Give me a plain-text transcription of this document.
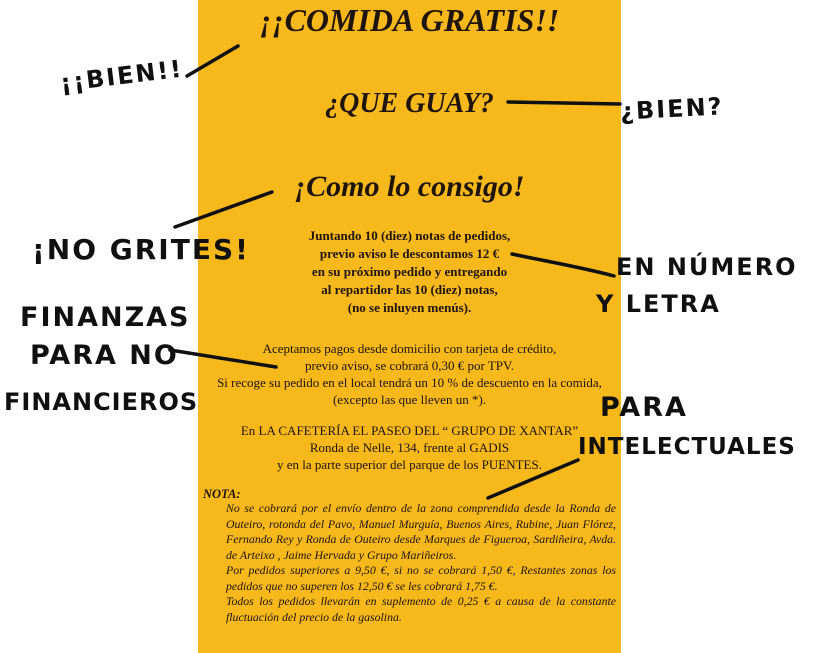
¡¡COMIDA GRATIS!!
¿QUE GUAY?
¡Como lo consigo!
Juntando 10 (diez) notas de pedidos,
previo aviso le descontamos 12 €
en su próximo pedido y entregando
al repartidor las 10 (diez) notas,
(no se inluyen menús).
Aceptamos pagos desde domicilio con tarjeta de crédito,
previo aviso, se cobrará 0,30 € por TPV.
Si recoge su pedido en el local tendrá un 10 % de descuento en la comida,
(excepto las que lleven un *).
En LA CAFETERÍA EL PASEO DEL “ GRUPO DE XANTAR”
Ronda de Nelle, 134, frente al GADIS
y en la parte superior del parque de los PUENTES.
NOTA:

No se cobrará por el envío dentro de la zona comprendida desde la Ronda de Outeiro, rotonda del Pavo, Manuel Murguía, Buenos Aires, Rubine, Juan Flórez, Fernando Rey y Ronda de Outeiro desde Marques de Figueroa, Sardiñeira, Avda. de Arteixo , Jaime Hervada y Grupo Mariñeiros.

Por pedidos superiores a 9,50 €, si no se cobrará 1,50 €, Restantes zonas los pedidos que no superen los 12,50 € se les cobrará 1,75 €.

Todos los pedidos llevarán en suplemento de 0,25 € a causa de la constante fluctuación del precio de la gasolina.

¡¡BIEN!!
¿BIEN?
¡NO GRITES!
EN NÚMERO
Y LETRA
FINANZAS
PARA NO
FINANCIEROS	PARA
INTELECTUALES
